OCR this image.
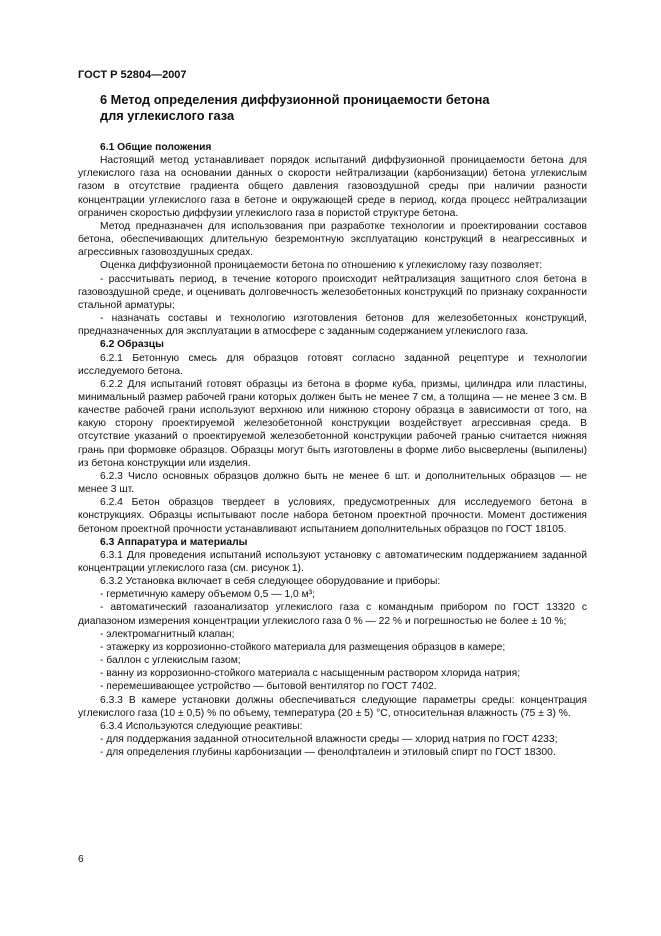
ГОСТ Р 52804—2007
6 Метод определения диффузионной проницаемости бетона
для углекислого газа
6.1 Общие положения
Настоящий метод устанавливает порядок испытаний диффузионной проницаемости бетона для углекислого газа на основании данных о скорости нейтрализации (карбонизации) бетона углекислым газом в отсутствие градиента общего давления газовоздушной среды при наличии разности концентрации углекислого газа в бетоне и окружающей среде в период, когда процесс нейтрализации ограничен скоростью диффузии углекислого газа в пористой структуре бетона.
Метод предназначен для использования при разработке технологии и проектировании составов бетона, обеспечивающих длительную безремонтную эксплуатацию конструкций в неагрессивных и агрессивных газовоздушных средах.
Оценка диффузионной проницаемости бетона по отношению к углекислому газу позволяет:
- рассчитывать период, в течение которого происходит нейтрализация защитного слоя бетона в газовоздушной среде, и оценивать долговечность железобетонных конструкций по признаку сохранности стальной арматуры;
- назначать составы и технологию изготовления бетонов для железобетонных конструкций, предназначенных для эксплуатации в атмосфере с заданным содержанием углекислого газа.
6.2 Образцы
6.2.1 Бетонную смесь для образцов готовят согласно заданной рецептуре и технологии исследуемого бетона.
6.2.2 Для испытаний готовят образцы из бетона в форме куба, призмы, цилиндра или пластины, минимальный размер рабочей грани которых должен быть не менее 7 см, а толщина — не менее 3 см. В качестве рабочей грани используют верхнюю или нижнюю сторону образца в зависимости от того, на какую сторону проектируемой железобетонной конструкции воздействует агрессивная среда. В отсутствие указаний о проектируемой железобетонной конструкции рабочей гранью считается нижняя грань при формовке образцов. Образцы могут быть изготовлены в форме либо высверлены (выпилены) из бетона конструкции или изделия.
6.2.3 Число основных образцов должно быть не менее 6 шт. и дополнительных образцов — не менее 3 шт.
6.2.4 Бетон образцов твердеет в условиях, предусмотренных для исследуемого бетона в конструкциях. Образцы испытывают после набора бетоном проектной прочности. Момент достижения бетоном проектной прочности устанавливают испытанием дополнительных образцов по ГОСТ 18105.
6.3 Аппаратура и материалы
6.3.1 Для проведения испытаний используют установку с автоматическим поддержанием заданной концентрации углекислого газа (см. рисунок 1).
6.3.2 Установка включает в себя следующее оборудование и приборы:
- герметичную камеру объемом 0,5 — 1,0 м³;
- автоматический газоанализатор углекислого газа с командным прибором по ГОСТ 13320 с диапазоном измерения концентрации углекислого газа 0 % — 22 % и погрешностью не более ± 10 %;
- электромагнитный клапан;
- этажерку из коррозионно-стойкого материала для размещения образцов в камере;
- баллон с углекислым газом;
- ванну из коррозионно-стойкого материала с насыщенным раствором хлорида натрия;
- перемешивающее устройство — бытовой вентилятор по ГОСТ 7402.
6.3.3 В камере установки должны обеспечиваться следующие параметры среды: концентрация углекислого газа (10 ± 0,5) % по объему, температура (20 ± 5) °С, относительная влажность (75 ± 3) %.
6.3.4 Используются следующие реактивы:
- для поддержания заданной относительной влажности среды — хлорид натрия по ГОСТ 4233;
- для определения глубины карбонизации — фенолфталеин и этиловый спирт по ГОСТ 18300.
6
